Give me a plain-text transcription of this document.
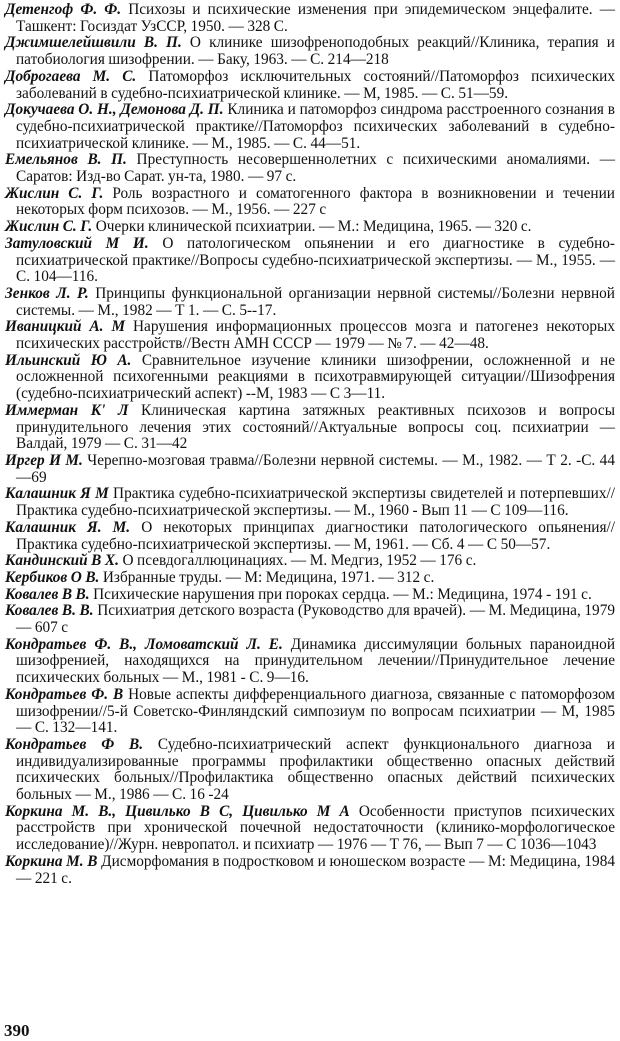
Детенгоф Ф. Ф. Психозы и психические изменения при эпидемическом энцефалите. — Ташкент: Госиздат УзССР, 1950. — 328 С.

Джимшелейшвили В. П. О клинике шизофреноподобных реакций//Клиника, терапия и патобиология шизофрении. — Баку, 1963. — С. 214—218

Доброгаева М. С. Патоморфоз исключительных состояний//Патоморфоз психических заболеваний в судебно-психиатрической клинике. — М, 1985. — С. 51—59.

Докучаева О. Н., Демонова Д. П. Клиника и патоморфоз синдрома расстроенного сознания в судебно-психиатрической практике//Патоморфоз психических заболеваний в судебно-психиатрической клинике. — М., 1985. — С. 44—51.

Емельянов В. П. Преступность несовершеннолетних с психическими аномалиями. — Саратов: Изд-во Сарат. ун-та, 1980. — 97 с.

Жислин С. Г. Роль возрастного и соматогенного фактора в возникновении и течении некоторых форм психозов. — М., 1956. — 227 с

Жислин С. Г. Очерки клинической психиатрии. — М.: Медицина, 1965. — 320 с.

Затуловский М И. О патологическом опьянении и его диагностике в судебно-психиатрической практике//Вопросы судебно-психиатрической экспертизы. — М., 1955. — С. 104—116.

Зенков Л. Р. Принципы функциональной организации нервной системы//Болезни нервной системы. — М., 1982 — Т 1. — С. 5--17.

Иваницкий А. М Нарушения информационных процессов мозга и патогенез некоторых психических расстройств//Вестн АМН СССР — 1979 — № 7. — 42—48.

Ильинский Ю А. Сравнительное изучение клиники шизофрении, осложненной и не осложненной психогенными реакциями в психотравмирующей ситуации//Шизофрения (судебно-психиатрический аспект) --М, 1983 — С 3—11.

Иммерман К' Л Клиническая картина затяжных реактивных психозов и вопросы принудительного лечения этих состояний//Актуальные вопросы соц. психиатрии — Валдай, 1979 — С. 31—42

Иргер И М. Черепно-мозговая травма//Болезни нервной системы. — М., 1982. — Т 2. -С. 44—69

Калашник Я М Практика судебно-психиатрической экспертизы свидетелей и потерпевших//Практика судебно-психиатрической экспертизы. — М., 1960 - Вып 11 — С 109—116.

Калашник Я. М. О некоторых принципах диагностики патологического опьянения//Практика судебно-психиатрической экспертизы. — М, 1961. — Сб. 4 — С 50—57.

Кандинский В Х. О псевдогаллюцинациях. — М. Медгиз, 1952 — 176 с.

Кербиков О В. Избранные труды. — М: Медицина, 1971. — 312 с.

Ковалев В В. Психические нарушения при пороках сердца. — М.: Медицина, 1974 - 191 с.

Ковалев В. В. Психиатрия детского возраста (Руководство для врачей). — М. Медицина, 1979 — 607 с

Кондратьев Ф. В., Ломоватский Л. Е. Динамика диссимуляции больных параноидной шизофренией, находящихся на принудительном лечении//Принудительное лечение психических больных — М., 1981 - С. 9—16.

Кондратьев Ф. В Новые аспекты дифференциального диагноза, связанные с патоморфозом шизофрении//5-й Советско-Финляндский симпозиум по вопросам психиатрии — М, 1985 — С. 132—141.

Кондратьев Ф В. Судебно-психиатрический аспект функционального диагноза и индивидуализированные программы профилактики общественно опасных действий психических больных//Профилактика общественно опасных действий психических больных — М., 1986 — С. 16 -24

Коркина М. В., Цивилько В С, Цивилько М А Особенности приступов психических расстройств при хронической почечной недостаточности (клинико-морфологическое исследование)//Журн. невропатол. и психиатр — 1976 — Т 76, — Вып 7 — С 1036—1043

Коркина М. В Дисморфомания в подростковом и юношеском возрасте — М: Медицина, 1984 — 221 с.

390
